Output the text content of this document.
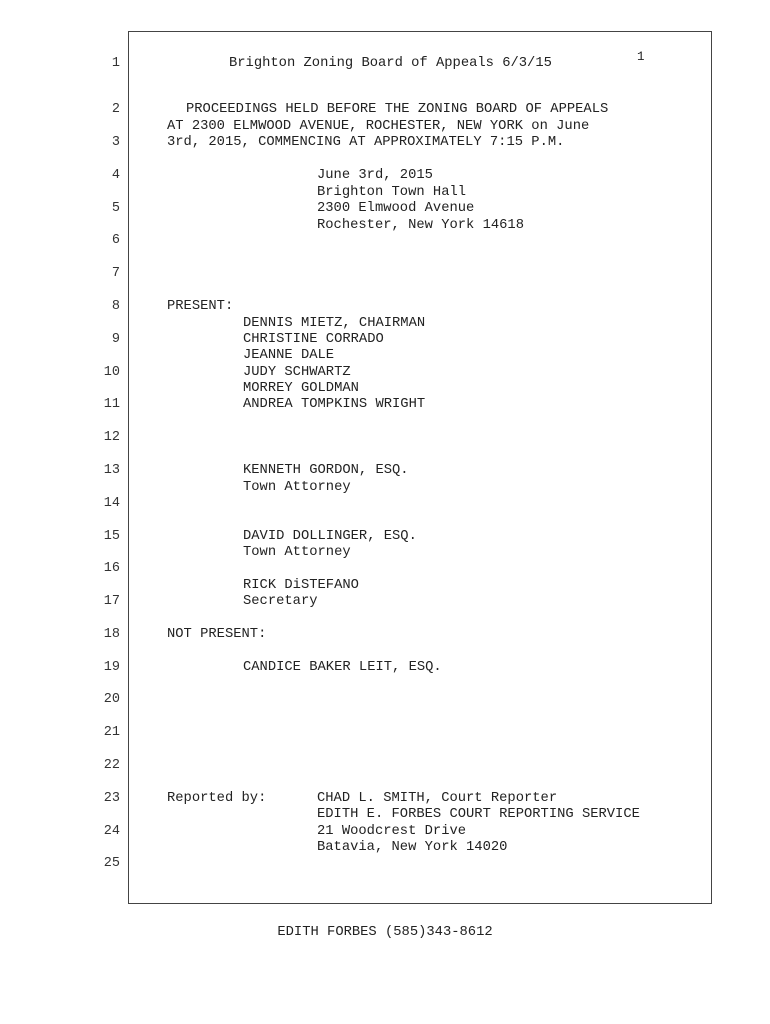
1
2
3
4
5
6
7
8
9
10
11
12
13
14
15
16
17
18
19
20
21
22
23
24
25
Brighton Zoning Board of Appeals 6/3/15	1
PROCEEDINGS HELD BEFORE THE ZONING BOARD OF APPEALS
AT 2300 ELMWOOD AVENUE, ROCHESTER, NEW YORK on June
3rd, 2015, COMMENCING AT APPROXIMATELY 7:15 P.M.
June 3rd, 2015
Brighton Town Hall
2300 Elmwood Avenue
Rochester, New York 14618
PRESENT:
DENNIS MIETZ, CHAIRMAN
CHRISTINE CORRADO
JEANNE DALE
JUDY SCHWARTZ
MORREY GOLDMAN
ANDREA TOMPKINS WRIGHT
KENNETH GORDON, ESQ.
Town Attorney
DAVID DOLLINGER, ESQ.
Town Attorney
RICK DiSTEFANO
Secretary
NOT PRESENT:
CANDICE BAKER LEIT, ESQ.
Reported by:	CHAD L. SMITH, Court Reporter
EDITH E. FORBES COURT REPORTING SERVICE
21 Woodcrest Drive
Batavia, New York 14020
EDITH FORBES (585)343-8612
